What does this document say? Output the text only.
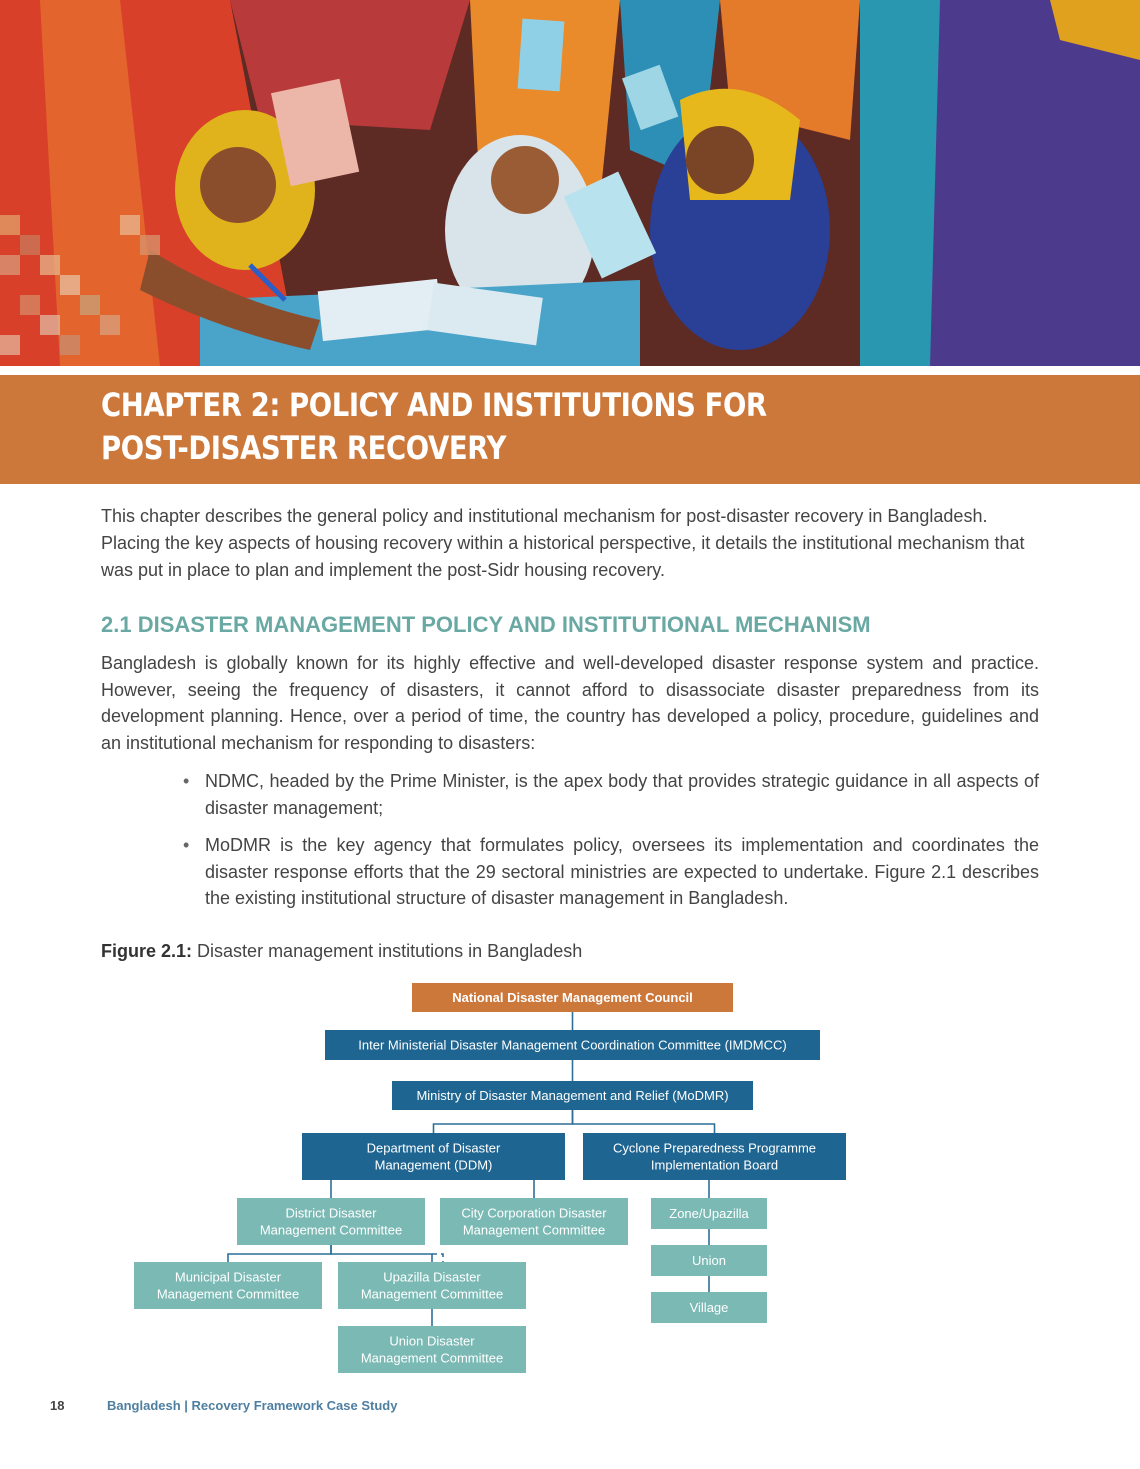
CHAPTER 2: POLICY AND INSTITUTIONS FOR
POST-DISASTER RECOVERY

This chapter describes the general policy and institutional mechanism for post-disaster recovery in Bangladesh. Placing the key aspects of housing recovery within a historical perspective, it details the institutional mechanism that was put in place to plan and implement the post-Sidr housing recovery.

2.1 DISASTER MANAGEMENT POLICY AND INSTITUTIONAL MECHANISM

Bangladesh is globally known for its highly effective and well-developed disaster response system and practice. However, seeing the frequency of disasters, it cannot afford to disassociate disaster preparedness from its development planning. Hence, over a period of time, the country has developed a policy, procedure, guidelines and an institutional mechanism for responding to disasters:

• NDMC, headed by the Prime Minister, is the apex body that provides strategic guidance in all aspects of disaster management;
• MoDMR is the key agency that formulates policy, oversees its implementation and coordinates the disaster response efforts that the 29 sectoral ministries are expected to undertake. Figure 2.1 describes the existing institutional structure of disaster management in Bangladesh.

Figure 2.1: Disaster management institutions in Bangladesh

National Disaster Management Council
Inter Ministerial Disaster Management Coordination Committee (IMDMCC)
Ministry of Disaster Management and Relief (MoDMR)
Department of Disaster
Management (DDM)
Cyclone Preparedness Programme
Implementation Board
District Disaster
Management Committee
City Corporation Disaster
Management Committee
Zone/Upazilla
Union
Village
Municipal Disaster
Management Committee
Upazilla Disaster
Management Committee
Union Disaster
Management Committee
18	Bangladesh | Recovery Framework Case Study
